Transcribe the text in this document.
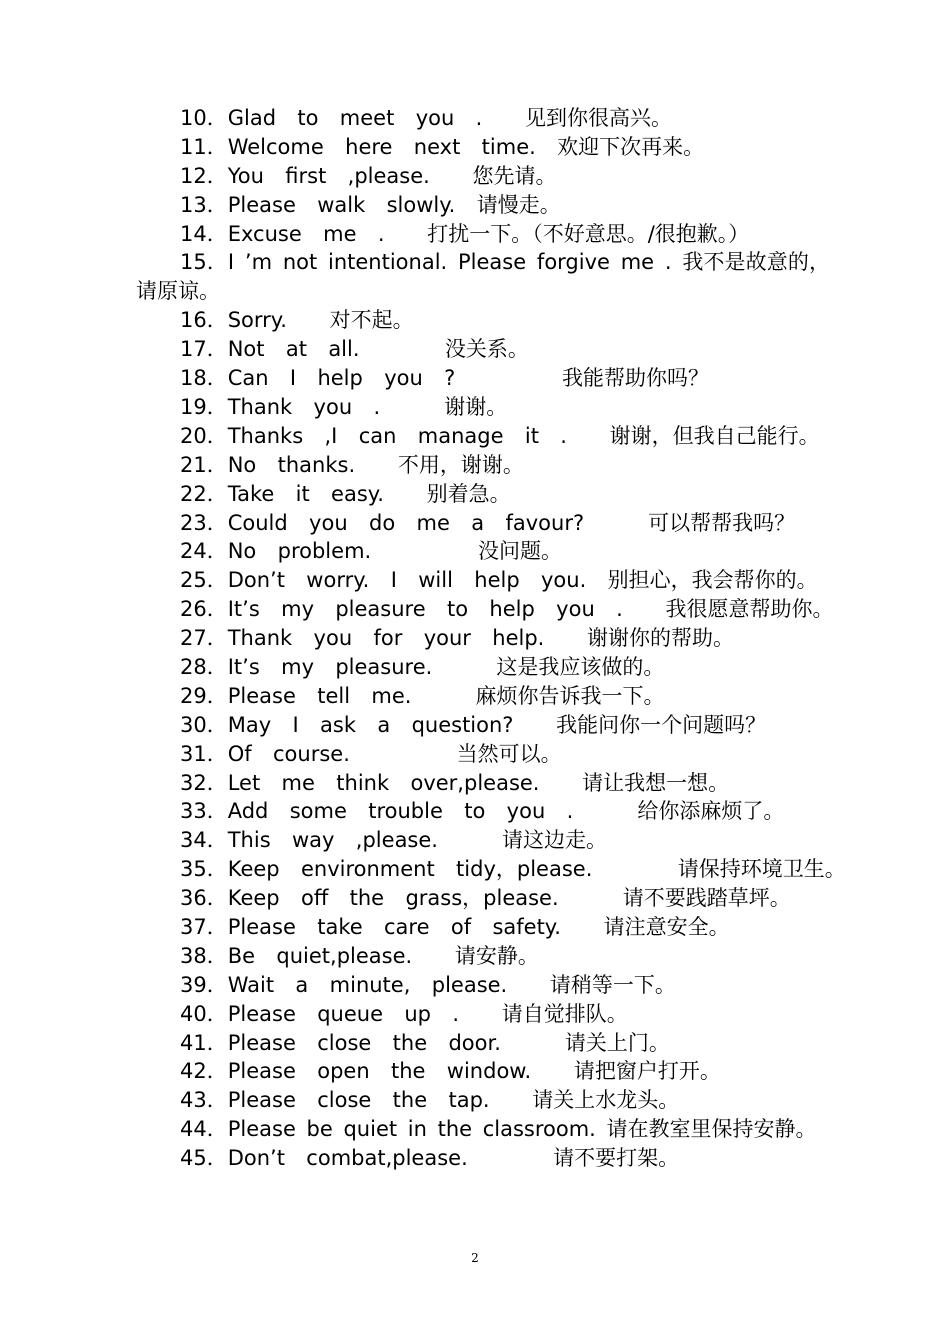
10．Glad  to  meet  you  .    见到你很高兴。
11．Welcome  here  next  time.  欢迎下次再来。
12．You  first  ,please.    您先请。
13．Please  walk  slowly.  请慢走。
14．Excuse  me  .    打扰一下。（不好意思。/很抱歉。）
15．I ’m not intentional. Please forgive me . 我不是故意的，请原谅。
16．Sorry.    对不起。
17．Not  at  all.        没关系。
18．Can  I  help  you  ?          我能帮助你吗？
19．Thank  you  .      谢谢。
20．Thanks  ,I  can  manage  it  .    谢谢，但我自己能行。
21．No  thanks.    不用，谢谢。
22．Take  it  easy.    别着急。
23．Could  you  do  me  a  favour?      可以帮帮我吗？
24．No  problem.          没问题。
25．Don’t  worry.  I  will  help  you.  别担心，我会帮你的。
26．It’s  my  pleasure  to  help  you  .    我很愿意帮助你。
27．Thank  you  for  your  help.    谢谢你的帮助。
28．It’s  my  pleasure.      这是我应该做的。
29．Please  tell  me.      麻烦你告诉我一下。
30．May  I  ask  a  question?    我能问你一个问题吗？
31．Of  course.          当然可以。
32．Let  me  think  over,please.    请让我想一想。
33．Add  some  trouble  to  you  .      给你添麻烦了。
34．This  way  ,please.      请这边走。
35．Keep  environment  tidy，please.        请保持环境卫生。
36．Keep  off  the  grass，please.      请不要践踏草坪。
37．Please  take  care  of  safety.    请注意安全。
38．Be  quiet,please.    请安静。
39．Wait  a  minute,  please.    请稍等一下。
40．Please  queue  up  .    请自觉排队。
41．Please  close  the  door.      请关上门。
42．Please  open  the  window.    请把窗户打开。
43．Please  close  the  tap.    请关上水龙头。
44．Please be quiet in the classroom. 请在教室里保持安静。
45．Don’t  combat,please.        请不要打架。
2
